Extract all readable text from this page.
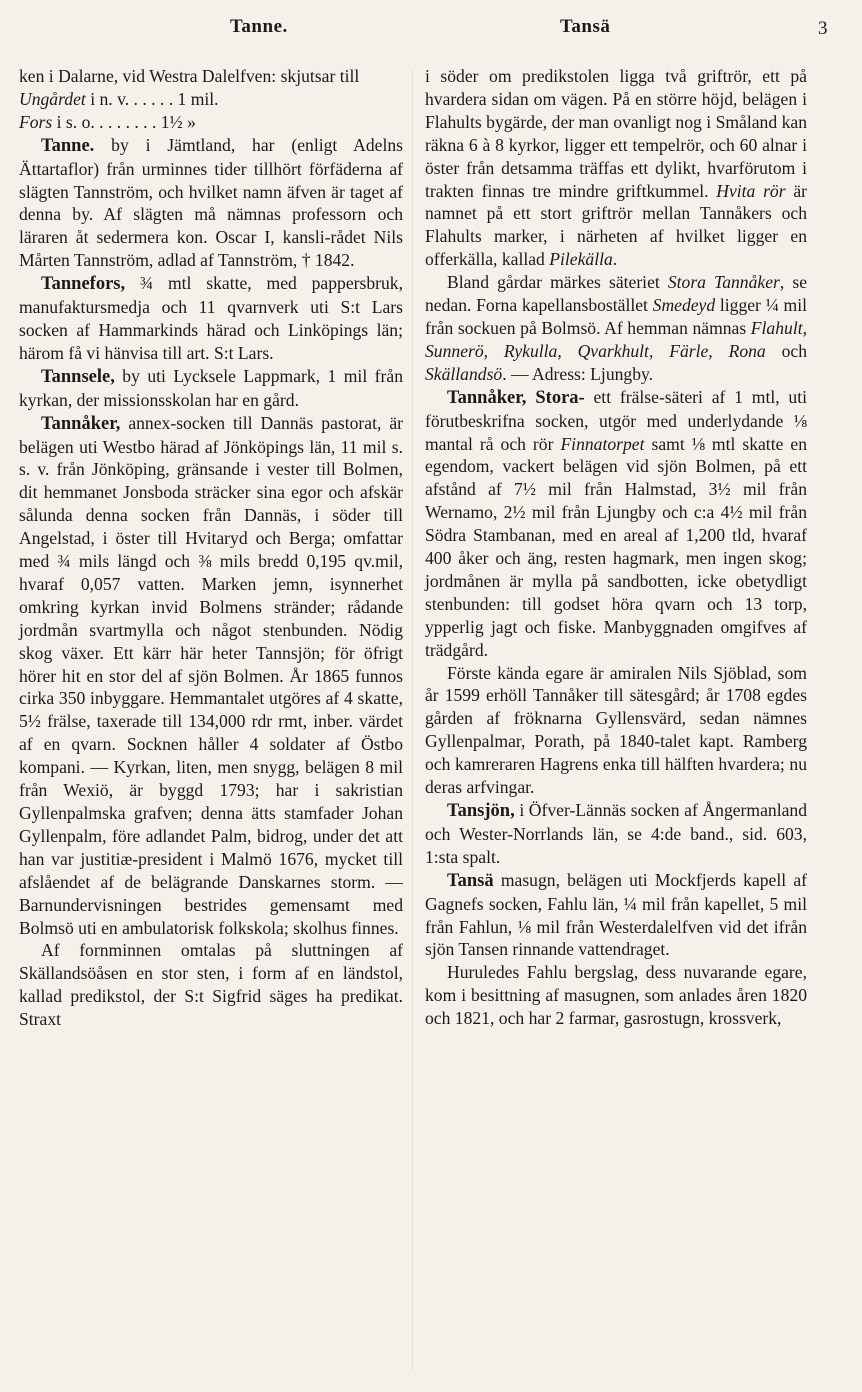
Tanne.	Tansä	3

ken i Dalarne, vid Westra Dalelfven: skjutsar till

Ungårdet i n. v. . . . . . 1 mil.

Fors i s. o. . . . . . . . 1½ »

Tanne. by i Jämtland, har (enligt Adelns Ättartaflor) från urminnes tider tillhört förfäderna af slägten Tannström, och hvilket namn äfven är taget af denna by. Af slägten må nämnas professorn och läraren åt sedermera kon. Oscar I, kansli-rådet Nils Mårten Tannström, adlad af Tannström, † 1842.

Tannefors, ¾ mtl skatte, med pappersbruk, manufaktursmedja och 11 qvarnverk uti S:t Lars socken af Hammarkinds härad och Linköpings län; härom få vi hänvisa till art. S:t Lars.

Tannsele, by uti Lycksele Lappmark, 1 mil från kyrkan, der missionsskolan har en gård.

Tannåker, annex-socken till Dannäs pastorat, är belägen uti Westbo härad af Jönköpings län, 11 mil s. s. v. från Jönköping, gränsande i vester till Bolmen, dit hemmanet Jonsboda sträcker sina egor och afskär sålunda denna socken från Dannäs, i söder till Angelstad, i öster till Hvitaryd och Berga; omfattar med ¾ mils längd och ⅜ mils bredd 0,195 qv.mil, hvaraf 0,057 vatten. Marken jemn, isynnerhet omkring kyrkan invid Bolmens stränder; rådande jordmån svartmylla och något stenbunden. Nödig skog växer. Ett kärr här heter Tannsjön; för öfrigt hörer hit en stor del af sjön Bolmen. År 1865 funnos cirka 350 inbyggare. Hemmantalet utgöres af 4 skatte, 5½ frälse, taxerade till 134,000 rdr rmt, inber. värdet af en qvarn. Socknen håller 4 soldater af Östbo kompani. — Kyrkan, liten, men snygg, belägen 8 mil från Wexiö, är byggd 1793; har i sakristian Gyllenpalmska grafven; denna ätts stamfader Johan Gyllenpalm, före adlandet Palm, bidrog, under det att han var justitiæ-president i Malmö 1676, mycket till afslåendet af de belägrande Danskarnes storm. — Barnundervisningen bestrides gemensamt med Bolmsö uti en ambulatorisk folkskola; skolhus finnes.

Af fornminnen omtalas på sluttningen af Skällandsöåsen en stor sten, i form af en ländstol, kallad predikstol, der S:t Sigfrid säges ha predikat. Straxt

i söder om predikstolen ligga två griftrör, ett på hvardera sidan om vägen. På en större höjd, belägen i Flahults bygärde, der man ovanligt nog i Småland kan räkna 6 à 8 kyrkor, ligger ett tempelrör, och 60 alnar i öster från detsamma träffas ett dylikt, hvarförutom i trakten finnas tre mindre griftkummel. Hvita rör är namnet på ett stort griftrör mellan Tannåkers och Flahults marker, i närheten af hvilket ligger en offerkälla, kallad Pilekälla.

Bland gårdar märkes säteriet Stora Tannåker, se nedan. Forna kapellansbostället Smedeyd ligger ¼ mil från sockuen på Bolmsö. Af hemman nämnas Flahult, Sunnerö, Rykulla, Qvarkhult, Färle, Rona och Skällandsö. — Adress: Ljungby.

Tannåker, Stora- ett frälse-säteri af 1 mtl, uti förutbeskrifna socken, utgör med underlydande ⅛ mantal rå och rör Finnatorpet samt ⅛ mtl skatte en egendom, vackert belägen vid sjön Bolmen, på ett afstånd af 7½ mil från Halmstad, 3½ mil från Wernamo, 2½ mil från Ljungby och c:a 4½ mil från Södra Stambanan, med en areal af 1,200 tld, hvaraf 400 åker och äng, resten hagmark, men ingen skog; jordmånen är mylla på sandbotten, icke obetydligt stenbunden: till godset höra qvarn och 13 torp, ypperlig jagt och fiske. Manbyggnaden omgifves af trädgård.

Förste kända egare är amiralen Nils Sjöblad, som år 1599 erhöll Tannåker till sätesgård; år 1708 egdes gården af fröknarna Gyllensvärd, sedan nämnes Gyllenpalmar, Porath, på 1840-talet kapt. Ramberg och kamreraren Hagrens enka till hälften hvardera; nu deras arfvingar.

Tansjön, i Öfver-Lännäs socken af Ångermanland och Wester-Norrlands län, se 4:de band., sid. 603, 1:sta spalt.

Tansä masugn, belägen uti Mockfjerds kapell af Gagnefs socken, Fahlu län, ¼ mil från kapellet, 5 mil från Fahlun, ⅛ mil från Westerdalelfven vid det ifrån sjön Tansen rinnande vattendraget.

Huruledes Fahlu bergslag, dess nuvarande egare, kom i besittning af masugnen, som anlades åren 1820 och 1821, och har 2 farmar, gasrostugn, krossverk,
